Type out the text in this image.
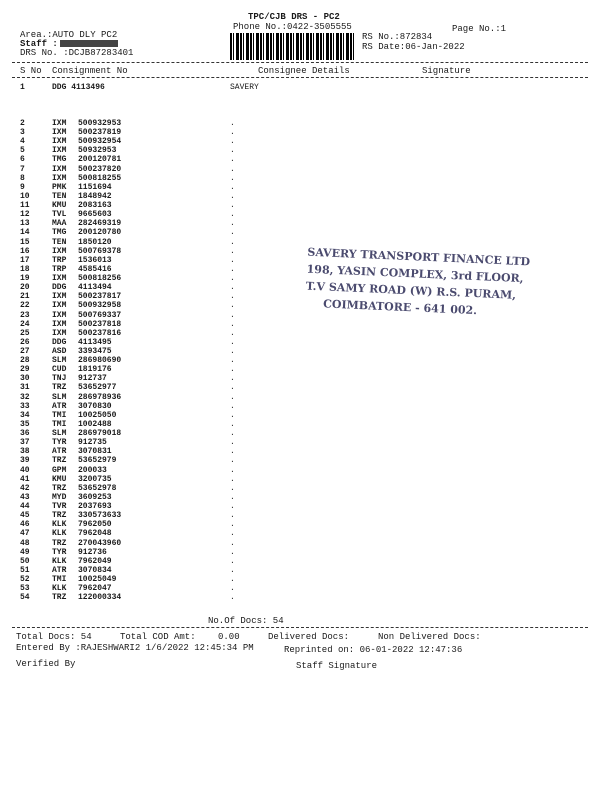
TPC/CJB DRS - PC2
Phone No.:0422-3505555	Page No.:1
Area.:AUTO DLY PC2
Staff :
DRS No. :DCJB87283401
RS No.:872834
RS Date:06-Jan-2022
S No Consignment No	Consignee Details	Signature
1	DDG 4113496	SAVERY
2	IXM	500932953	.
3	IXM	500237819	.
4	IXM	500932954	.
5	IXM	50932953	.
6	TMG	200120781	.
7	IXM	500237820	.
8	IXM	500818255	.
9	PMK	1151694	.
10	TEN	1848942	.
11	KMU	2083163	.
12	TVL	9665603	.
13	MAA	282469319	.
14	TMG	200120780	.
15	TEN	1850120	.
16	IXM	500769378	.
17	TRP	1536013	.
18	TRP	4585416	.
19	IXM	500818256	.
20	DDG	4113494	.
21	IXM	500237817	.
22	IXM	500932958	.
23	IXM	500769337	.
24	IXM	500237818	.
25	IXM	500237816	.
26	DDG	4113495	.
27	ASD	3393475	.
28	SLM	286980690	.
29	CUD	1819176	.
30	TNJ	912737	.
31	TRZ	53652977	.
32	SLM	286978936	.
33	ATR	3070830	.
34	TMI	10025050	.
35	TMI	1002488	.
36	SLM	286979018	.
37	TYR	912735	.
38	ATR	3070831	.
39	TRZ	53652979	.
40	GPM	200033	.
41	KMU	3200735	.
42	TRZ	53652978	.
43	MYD	3609253	.
44	TVR	2037693	.
45	TRZ	330573633	.
46	KLK	7962050	.
47	KLK	7962048	.
48	TRZ	270043960	.
49	TYR	912736	.
50	KLK	7962049	.
51	ATR	3070834	.
52	TMI	10025049	.
53	KLK	7962047	.
54	TRZ	122000334	.
No.Of Docs: 54
Total Docs: 54	Total COD Amt: 0.00	Delivered Docs:	Non Delivered Docs:
Entered By :RAJESHWARI2 1/6/2022 12:45:34 PM	Reprinted on: 06-01-2022 12:47:36
Verified By	Staff Signature
SAVERY TRANSPORT FINANCE LTD
198, YASIN COMPLEX, 3rd FLOOR,
T.V SAMY ROAD (W) R.S. PURAM,
COIMBATORE - 641 002.
